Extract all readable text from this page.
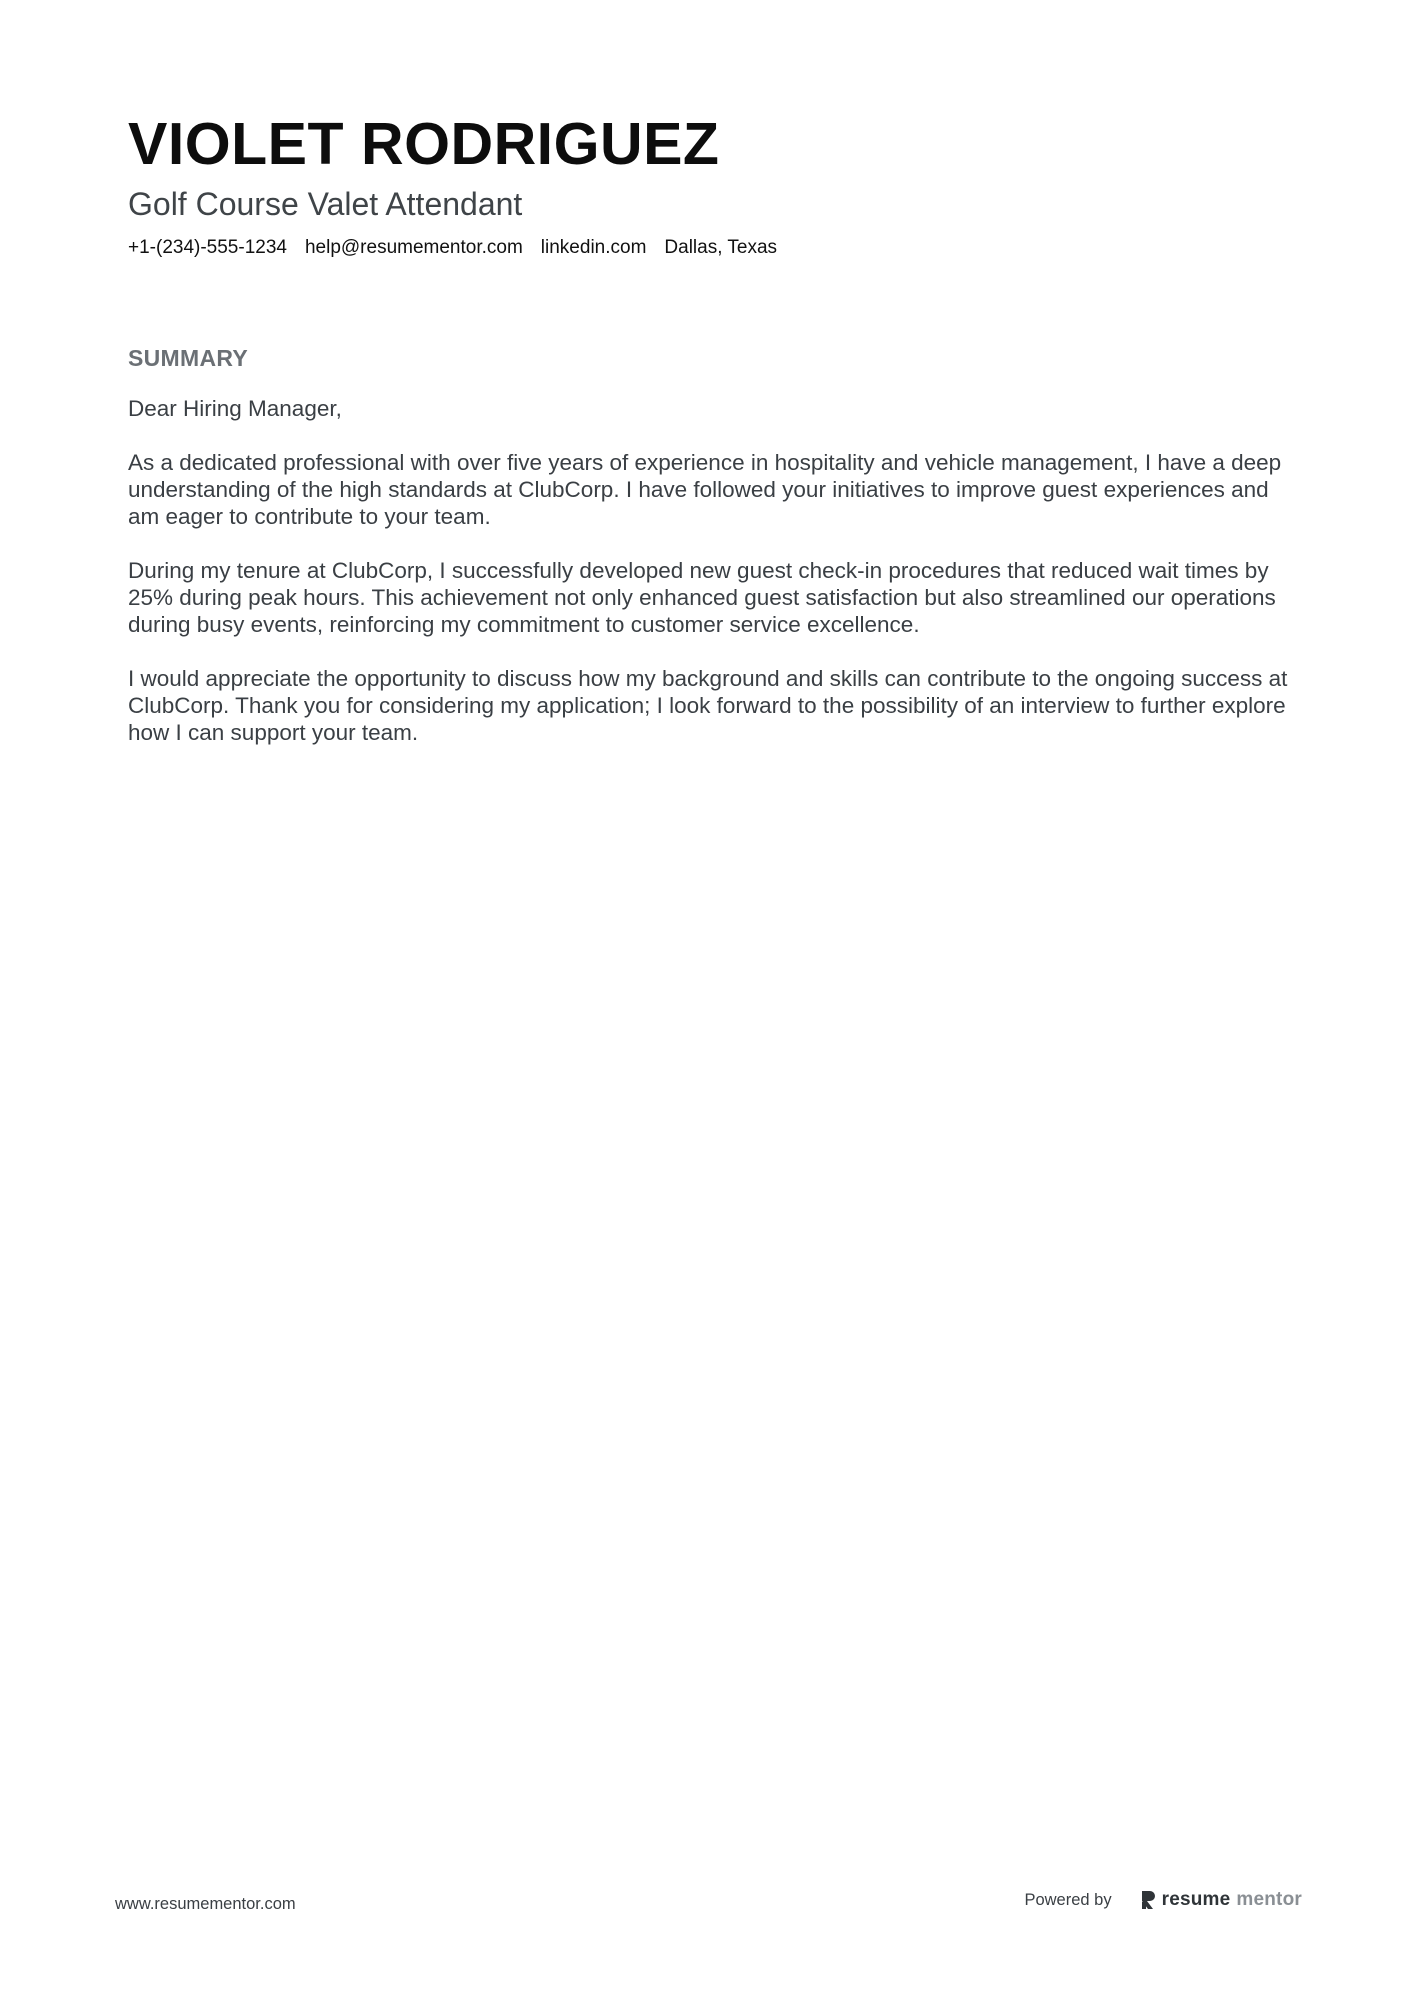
VIOLET RODRIGUEZ
Golf Course Valet Attendant
+1-(234)-555-1234 help@resumementor.com linkedin.com Dallas, Texas
SUMMARY

Dear Hiring Manager,

As a dedicated professional with over five years of experience in hospitality and vehicle management, I have a deep understanding of the high standards at ClubCorp. I have followed your initiatives to improve guest experiences and am eager to contribute to your team.

During my tenure at ClubCorp, I successfully developed new guest check-in procedures that reduced wait times by 25% during peak hours. This achievement not only enhanced guest satisfaction but also streamlined our operations during busy events, reinforcing my commitment to customer service excellence.

I would appreciate the opportunity to discuss how my background and skills can contribute to the ongoing success at ClubCorp. Thank you for considering my application; I look forward to the possibility of an interview to further explore how I can support your team.

www.resumementor.com	Powered by	resume mentor
